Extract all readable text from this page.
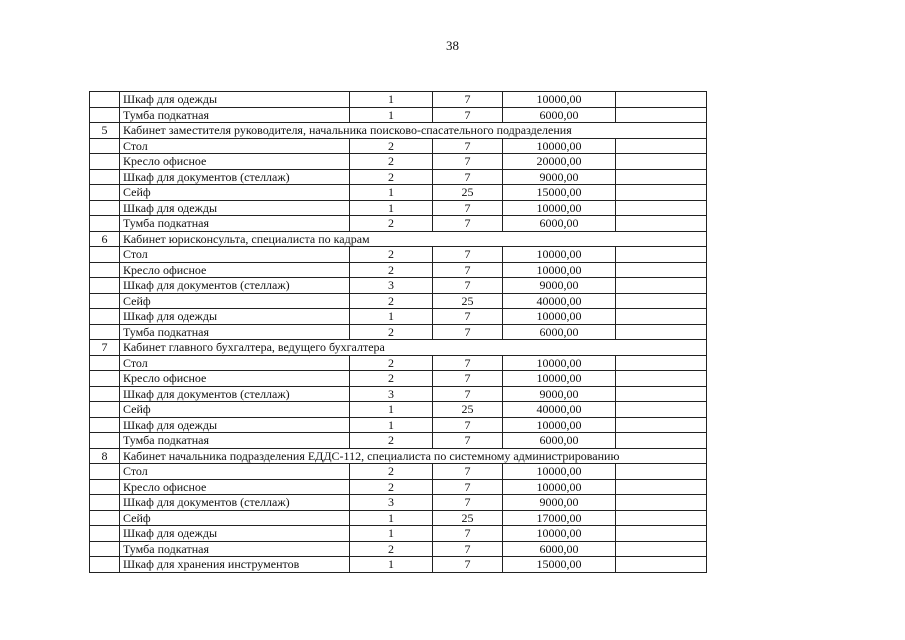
38
	Шкаф для одежды	1	7	10000,00	
	Тумба подкатная	1	7	6000,00	
5	Кабинет заместителя руководителя, начальника поисково-спасательного подразделения				
	Стол	2	7	10000,00	
	Кресло офисное	2	7	20000,00	
	Шкаф для документов (стеллаж)	2	7	9000,00	
	Сейф	1	25	15000,00	
	Шкаф для одежды	1	7	10000,00	
	Тумба подкатная	2	7	6000,00	
6	Кабинет юрисконсульта, специалиста по кадрам				
	Стол	2	7	10000,00	
	Кресло офисное	2	7	10000,00	
	Шкаф для документов (стеллаж)	3	7	9000,00	
	Сейф	2	25	40000,00	
	Шкаф для одежды	1	7	10000,00	
	Тумба подкатная	2	7	6000,00	
7	Кабинет главного бухгалтера, ведущего бухгалтера				
	Стол	2	7	10000,00	
	Кресло офисное	2	7	10000,00	
	Шкаф для документов (стеллаж)	3	7	9000,00	
	Сейф	1	25	40000,00	
	Шкаф для одежды	1	7	10000,00	
	Тумба подкатная	2	7	6000,00	
8	Кабинет начальника подразделения ЕДДС-112, специалиста по системному администрированию				
	Стол	2	7	10000,00	
	Кресло офисное	2	7	10000,00	
	Шкаф для документов (стеллаж)	3	7	9000,00	
	Сейф	1	25	17000,00	
	Шкаф для одежды	1	7	10000,00	
	Тумба подкатная	2	7	6000,00	
	Шкаф для хранения инструментов	1	7	15000,00	
